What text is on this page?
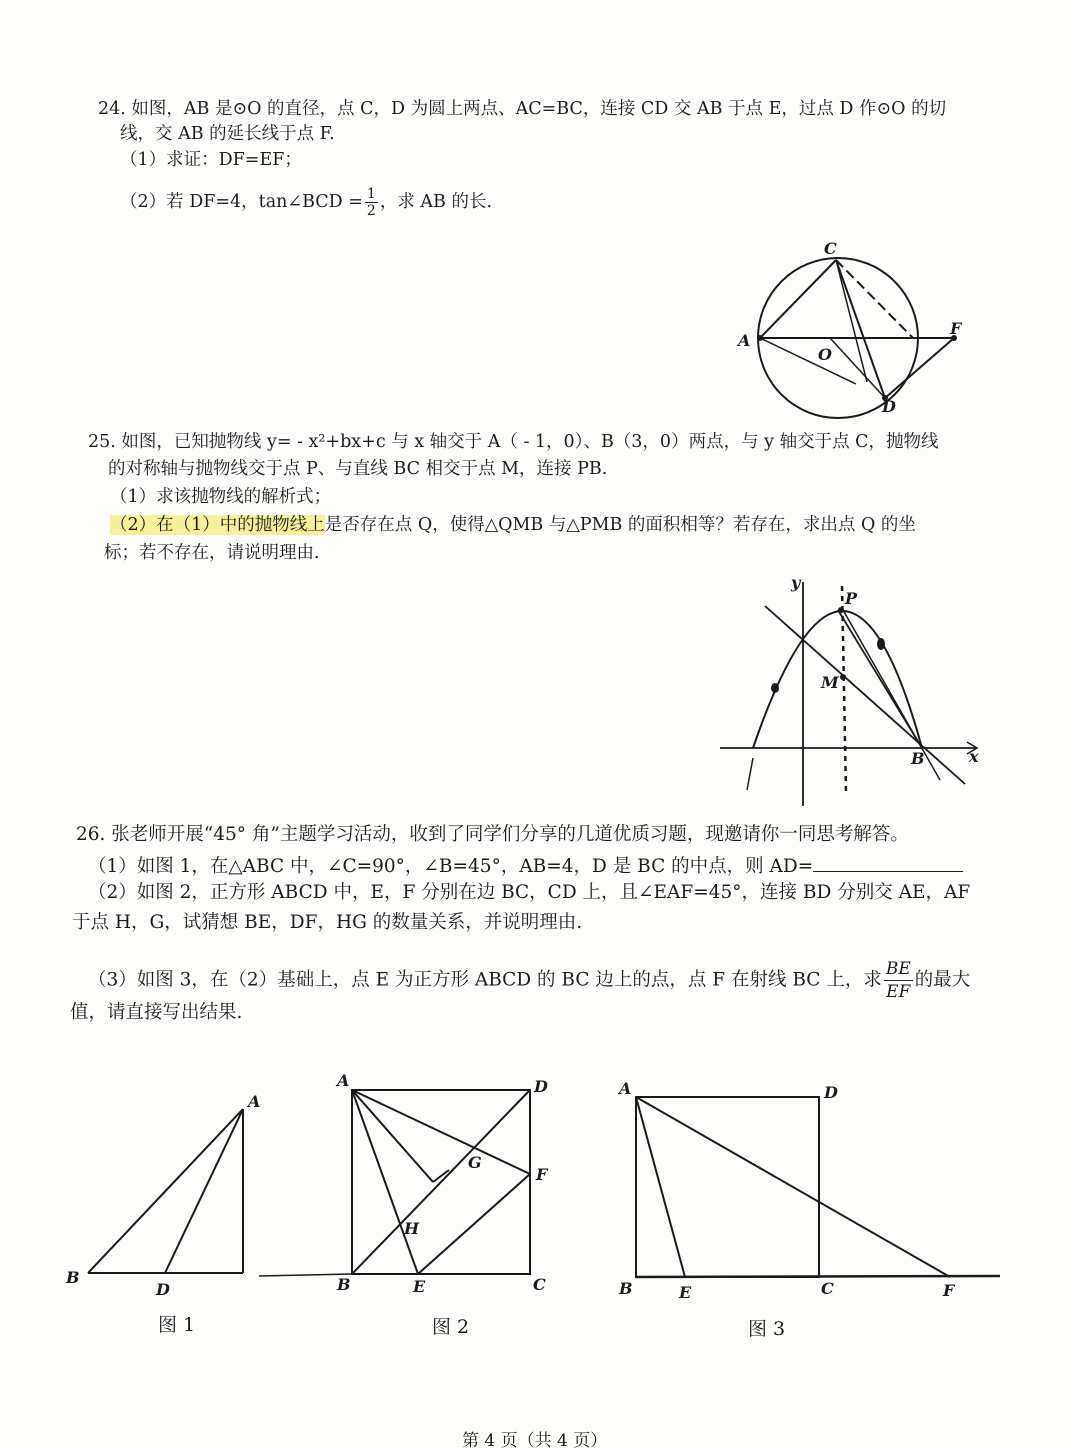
24. 如图，AB 是⊙O 的直径，点 C，D 为圆上两点、AC=BC，连接 CD 交 AB 于点 E，过点 D 作⊙O 的切
线，交 AB 的延长线于点 F.
（1）求证：DF=EF；
（2）若 DF=4，tan∠BCD = $\frac{1}{2}$ ，求 AB 的长.
C
A
O
F
D
25. 如图，已知抛物线 y= - x²+bx+c 与 x 轴交于 A（ - 1，0）、B（3，0）两点，与 y 轴交于点 C，抛物线
的对称轴与抛物线交于点 P、与直线 BC 相交于点 M，连接 PB.
（1）求该抛物线的解析式；
（2）在（1）中的抛物线上是否存在点 Q，使得△QMB 与△PMB 的面积相等？若存在，求出点 Q 的坐
标；若不存在，请说明理由.
y
P
M
B	x
26. 张老师开展“45° 角”主题学习活动，收到了同学们分享的几道优质习题，现邀请你一同思考解答。
（1）如图 1，在△ABC 中，∠C=90°，∠B=45°，AB=4，D 是 BC 的中点，则 AD=
（2）如图 2，正方形 ABCD 中，E，F 分别在边 BC，CD 上，且∠EAF=45°，连接 BD 分别交 AE，AF
于点 H，G，试猜想 BE，DF，HG 的数量关系，并说明理由.
（3）如图 3，在（2）基础上，点 E 为正方形 ABCD 的 BC 边上的点，点 F 在射线 BC 上，求 $\frac{BE}{EF}$ 的最大
值，请直接写出结果.
A
B
D
图 1
A	D
G
F
H
B	E	C
图 2
A	D
B	E	C	F
图 3
第 4 页（共 4 页）
